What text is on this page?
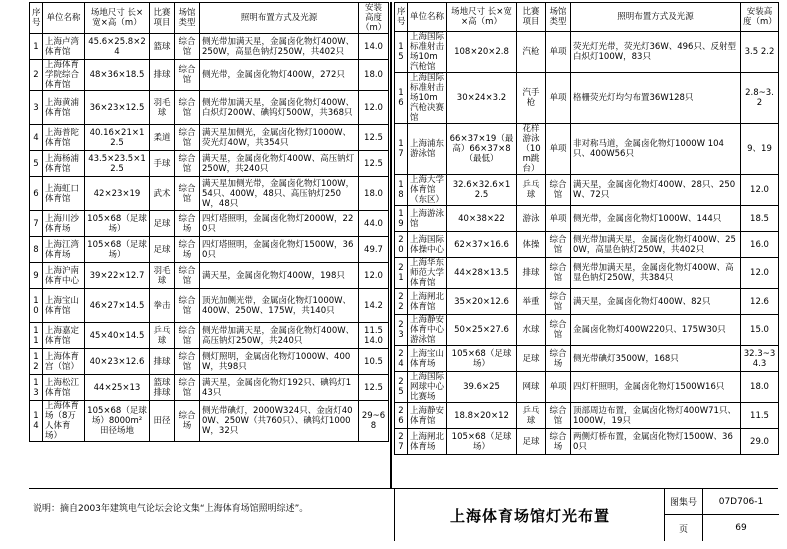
序号	单位名称	场地尺寸 长×宽×高（m）	比赛项目	场馆类型	照明布置方式及光源	安装高度（m）
1	上海卢湾体育馆	45.6×25.8×24	篮球	综合馆	侧光带加满天星，金属卤化物灯400W、250W，高显色钠灯250W，共402只	14.0
2	上海体育学院综合体育馆	48×36×18.5	排球	综合馆	侧光带，金属卤化物灯400W，272只	18.0
3	上海黄浦体育馆	36×23×12.5	羽毛球	综合馆	侧光带加满天星，金属卤化物灯400W、白炽灯200W、碘钨灯500W，共368只	12.0
4	上海普陀体育馆	40.16×21×12.5	柔道	综合馆	满天星加侧光，金属卤化物灯1000W、荧光灯40W，共354只	12.5
5	上海杨浦体育馆	43.5×23.5×12.5	手球	综合馆	满天星，金属卤化物灯400W、高压钠灯250W，共240只	12.5
6	上海虹口体育馆	42×23×19	武术	综合馆	满天星加侧光带，金属卤化物灯100W，54只、400W，48只、高压钠灯250W，48只	18.0
7	上海川沙体育场	105×68（足球场）	足球	综合场	四灯塔照明，金属卤化物灯2000W，220只	44.0
8	上海江湾体育场	105×68（足球场）	足球	综合场	四灯塔照明，金属卤化物灯1500W，360只	49.7
9	上海沪南体育中心	39×22×12.7	羽毛球	综合馆	满天星，金属卤化物灯400W，198只	12.0
10	上海宝山体育馆	46×27×14.5	拳击	综合馆	顶光加侧光带，金属卤化物灯1000W、400W、250W、175W，共140只	14.2
11	上海嘉定体育馆	45×40×14.5	乒乓球	综合馆	侧光带加满天星，金属卤化物灯400W、高压钠灯250W，共240只	11.5 14.0
12	上海体育宫（馆）	40×23×12.6	排球	综合馆	侧灯照明，金属卤化物灯1000W、400W，共98只	10.5
13	上海松江体育馆	44×25×13	篮球 排球	综合馆	满天星，金属卤化物灯192只、碘钨灯143只	12.5
14	上海体育场（8万人体育场）	105×68（足球场）8000m² 田径场地	田径	综合场	侧光带碘灯，2000W324只、金卤灯400W、250W（共760只）、碘钨灯1000W，32只	29~68
序号	单位名称	场地尺寸 长×宽×高（m）	比赛项目	场馆类型	照明布置方式及光源	安装高度（m）
15	上海国际标准射击场10m汽枪馆	108×20×2.8	汽枪	单项	荧光灯光带，荧光灯36W、496只、反射型白炽灯100W，83只	3.5 2.2
16	上海国际标准射击场10m汽枪决赛馆	30×24×3.2	汽手枪	单项	格栅荧光灯均匀布置36W128只	2.8~3.2
17	上海浦东游泳馆	66×37×19（最高）66×37×8（最低）	花样游泳（10m跳台）	单项	非对称马道，金属卤化物灯1000W 104只、400W56只	9、19
18	上海大学体育馆（东区）	32.6×32.6×12.5	乒乓球	综合馆	满天星，金属卤化物灯400W、28只、250W、72只	12.0
19	上海游泳馆	40×38×22	游泳	单项	侧光带，金属卤化物灯1000W、144只	18.5
20	上海国际体操中心	62×37×16.6	体操	综合馆	侧光带加满天星，金属卤化物灯400W、250W，高显色钠灯250W，共402只	16.0
21	上海华东师范大学体育馆	44×28×13.5	排球	综合馆	侧光带加满天星，金属卤化物灯400W、高显色钠灯250W，共384只	12.0
22	上海闸北体育馆	35×20×12.6	举重	综合馆	满天星，金属卤化物灯400W、82只	12.6
23	上海静安体育中心游泳馆	50×25×27.6	水球	综合馆	金属卤化物灯400W220只、175W30只	15.0
24	上海宝山体育场	105×68（足球场）	足球	综合场	侧光带碘灯3500W，168只	32.3~34.3
25	上海国际网球中心比赛场	39.6×25	网球	单项	四灯杆照明，金属卤化物灯1500W16只	18.0
26	上海静安体育馆	18.8×20×12	乒乓球	综合馆	顶部周边布置，金属卤化物灯400W71只、1000W，19只	11.5
27	上海闸北体育场	105×68（足球场）	足球	综合场	两侧灯桥布置，金属卤化物灯1500W、360只	29.0
说明：摘自2003年建筑电气论坛会论文集“上海体育场馆照明综述”。	上海体育场馆灯光布置
图集号	07D706-1
页	69
